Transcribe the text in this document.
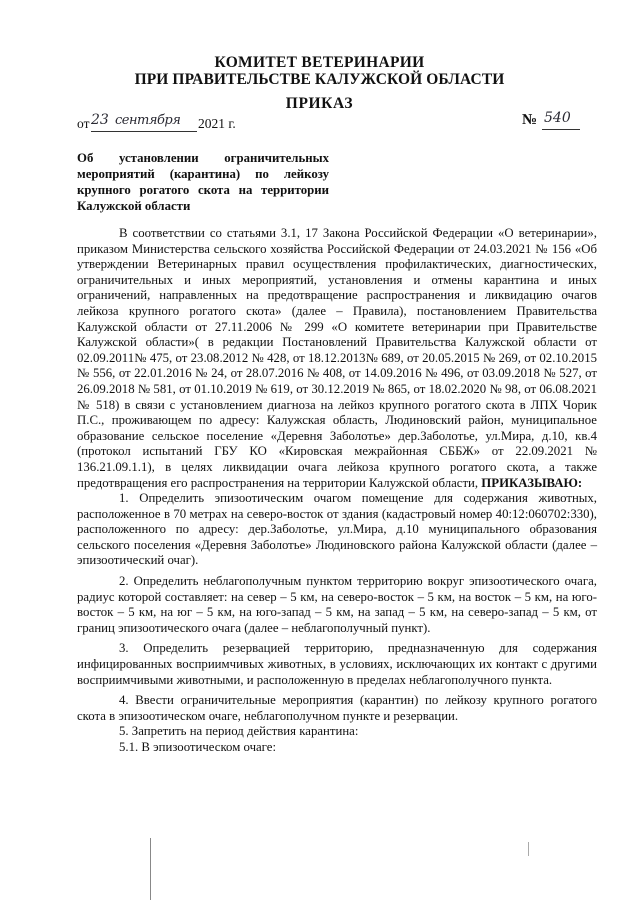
КОМИТЕТ ВЕТЕРИНАРИИ
ПРИ ПРАВИТЕЛЬСТВЕ КАЛУЖСКОЙ ОБЛАСТИ
ПРИКАЗ
от 23 сентября 2021 г.	№ 540
Об установлении ограничительных мероприятий (карантина) по лейкозу крупного рогатого скота на территории Калужской области

В соответствии со статьями 3.1, 17 Закона Российской Федерации «О ветеринарии», приказом Министерства сельского хозяйства Российской Федерации от 24.03.2021 № 156 «Об утверждении Ветеринарных правил осуществления профилактических, диагностических, ограничительных и иных мероприятий, установления и отмены карантина и иных ограничений, направленных на предотвращение распространения и ликвидацию очагов лейкоза крупного рогатого скота» (далее – Правила), постановлением Правительства Калужской области от 27.11.2006 № 299 «О комитете ветеринарии при Правительстве Калужской области»( в редакции Постановлений Правительства Калужской области от 02.09.2011№ 475, от 23.08.2012 № 428, от 18.12.2013№ 689, от 20.05.2015 № 269, от 02.10.2015 № 556, от 22.01.2016 № 24, от 28.07.2016 № 408, от 14.09.2016 № 496, от 03.09.2018 № 527, от 26.09.2018 № 581, от 01.10.2019 № 619, от 30.12.2019 № 865, от 18.02.2020 № 98, от 06.08.2021 № 518) в связи с установлением диагноза на лейкоз крупного рогатого скота в ЛПХ Чорик П.С., проживающем по адресу: Калужская область, Людиновский район, муниципальное образование сельское поселение «Деревня Заболотье» дер.Заболотье, ул.Мира, д.10, кв.4 (протокол испытаний ГБУ КО «Кировская межрайонная СББЖ» от 22.09.2021 № 136.21.09.1.1), в целях ликвидации очага лейкоза крупного рогатого скота, а также предотвращения его распространения на территории Калужской области, ПРИКАЗЫВАЮ:

1. Определить эпизоотическим очагом помещение для содержания животных, расположенное в 70 метрах на северо-восток от здания (кадастровый номер 40:12:060702:330), расположенного по адресу: дер.Заболотье, ул.Мира, д.10 муниципального образования сельского поселения «Деревня Заболотье» Людиновского района Калужской области (далее – эпизоотический очаг).

2. Определить неблагополучным пунктом территорию вокруг эпизоотического очага, радиус которой составляет: на север – 5 км, на северо-восток – 5 км, на восток – 5 км, на юго-восток – 5 км, на юг – 5 км, на юго-запад – 5 км, на запад – 5 км, на северо-запад – 5 км, от границ эпизоотического очага (далее – неблагополучный пункт).

3. Определить резервацией территорию, предназначенную для содержания инфицированных восприимчивых животных, в условиях, исключающих их контакт с другими восприимчивыми животными, и расположенную в пределах неблагополучного пункта.

4. Ввести ограничительные мероприятия (карантин) по лейкозу крупного рогатого скота в эпизоотическом очаге, неблагополучном пункте и резервации.

5. Запретить на период действия карантина:

5.1. В эпизоотическом очаге:
